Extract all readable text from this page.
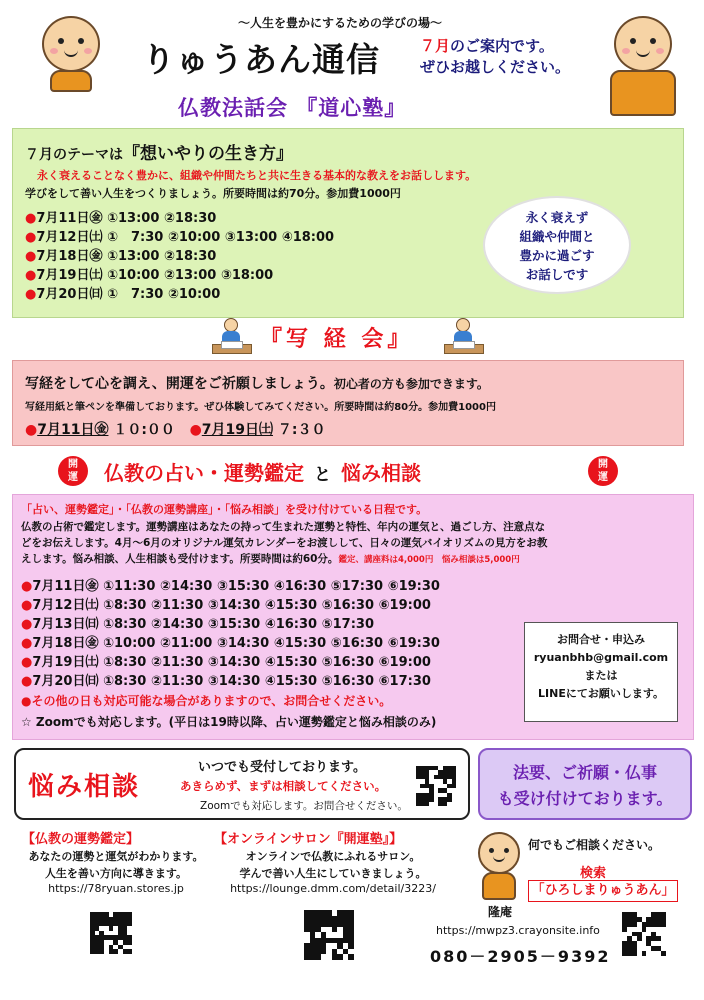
～人生を豊かにするための学びの場～
りゅうあん通信	７月のご案内です。
ぜひお越しください。
仏教法話会 『道心塾』
７月のテーマは『想いやりの生き方』
永く衰えることなく豊かに、組織や仲間たちと共に生きる基本的な教えをお話しします。
学びをして善い人生をつくりましょう。所要時間は約70分。参加費1000円
●7月11日㊎ ①13:00 ②18:30
●7月12日㈯ ①　7:30 ②10:00 ③13:00 ④18:00
●7月18日㊎ ①13:00 ②18:30
●7月19日㈯ ①10:00 ②13:00 ③18:00
●7月20日㈰ ①　7:30 ②10:00
永く衰えず
組織や仲間と
豊かに過ごす
お話しです
『写 経 会』
写経をして心を調え、開運をご祈願しましょう。初心者の方も参加できます。
写経用紙と筆ペンを準備しております。ぜひ体験してみてください。所要時間は約80分。参加費1000円
●7月11日㊎ １０:００ ●7月19日㈯ ７:３０
開
運	仏教の占い・運勢鑑定 と 悩み相談	開
運
「占い、運勢鑑定」・「仏教の運勢講座」・「悩み相談」を受け付けている日程です。
仏教の占術で鑑定します。運勢講座はあなたの持って生まれた運勢と特性、年内の運気と、過ごし方、注意点な
どをお伝えします。4月～6月のオリジナル運気カレンダーをお渡しして、日々の運気バイオリズムの見方をお教
えします。悩み相談、人生相談も受付けます。所要時間は約60分。鑑定、講座料は4,000円　悩み相談は5,000円
●7月11日㊎ ①11:30 ②14:30 ③15:30 ④16:30 ⑤17:30 ⑥19:30
●7月12日㈯ ①8:30 ②11:30 ③14:30 ④15:30 ⑤16:30 ⑥19:00
●7月13日㈰ ①8:30 ②14:30 ③15:30 ④16:30 ⑤17:30
●7月18日㊎ ①10:00 ②11:00 ③14:30 ④15:30 ⑤16:30 ⑥19:30
●7月19日㈯ ①8:30 ②11:30 ③14:30 ④15:30 ⑤16:30 ⑥19:00
●7月20日㈰ ①8:30 ②11:30 ③14:30 ④15:30 ⑤16:30 ⑥17:30
●その他の日も対応可能な場合がありますので、お問合せください。
☆ Zoomでも対応します。(平日は19時以降、占い運勢鑑定と悩み相談のみ)
お問合せ・申込み
ryuanbhb@gmail.com
または
LINEにてお願いします。
悩み相談
いつでも受付しております。
あきらめず、まずは相談してください。
Zoomでも対応します。お問合せください。
法要、ご祈願・仏事
も受け付けております。
【仏教の運勢鑑定】
あなたの運勢と運気がわかります。
人生を善い方向に導きます。
https://78ryuan.stores.jp
【オンラインサロン『開運塾』】
オンラインで仏教にふれるサロン。
学んで善い人生にしていきましょう。
https://lounge.dmm.com/detail/3223/
何でもご相談ください。
検索
「ひろしまりゅうあん」
隆庵
https://mwpz3.crayonsite.info
080－2905－9392
